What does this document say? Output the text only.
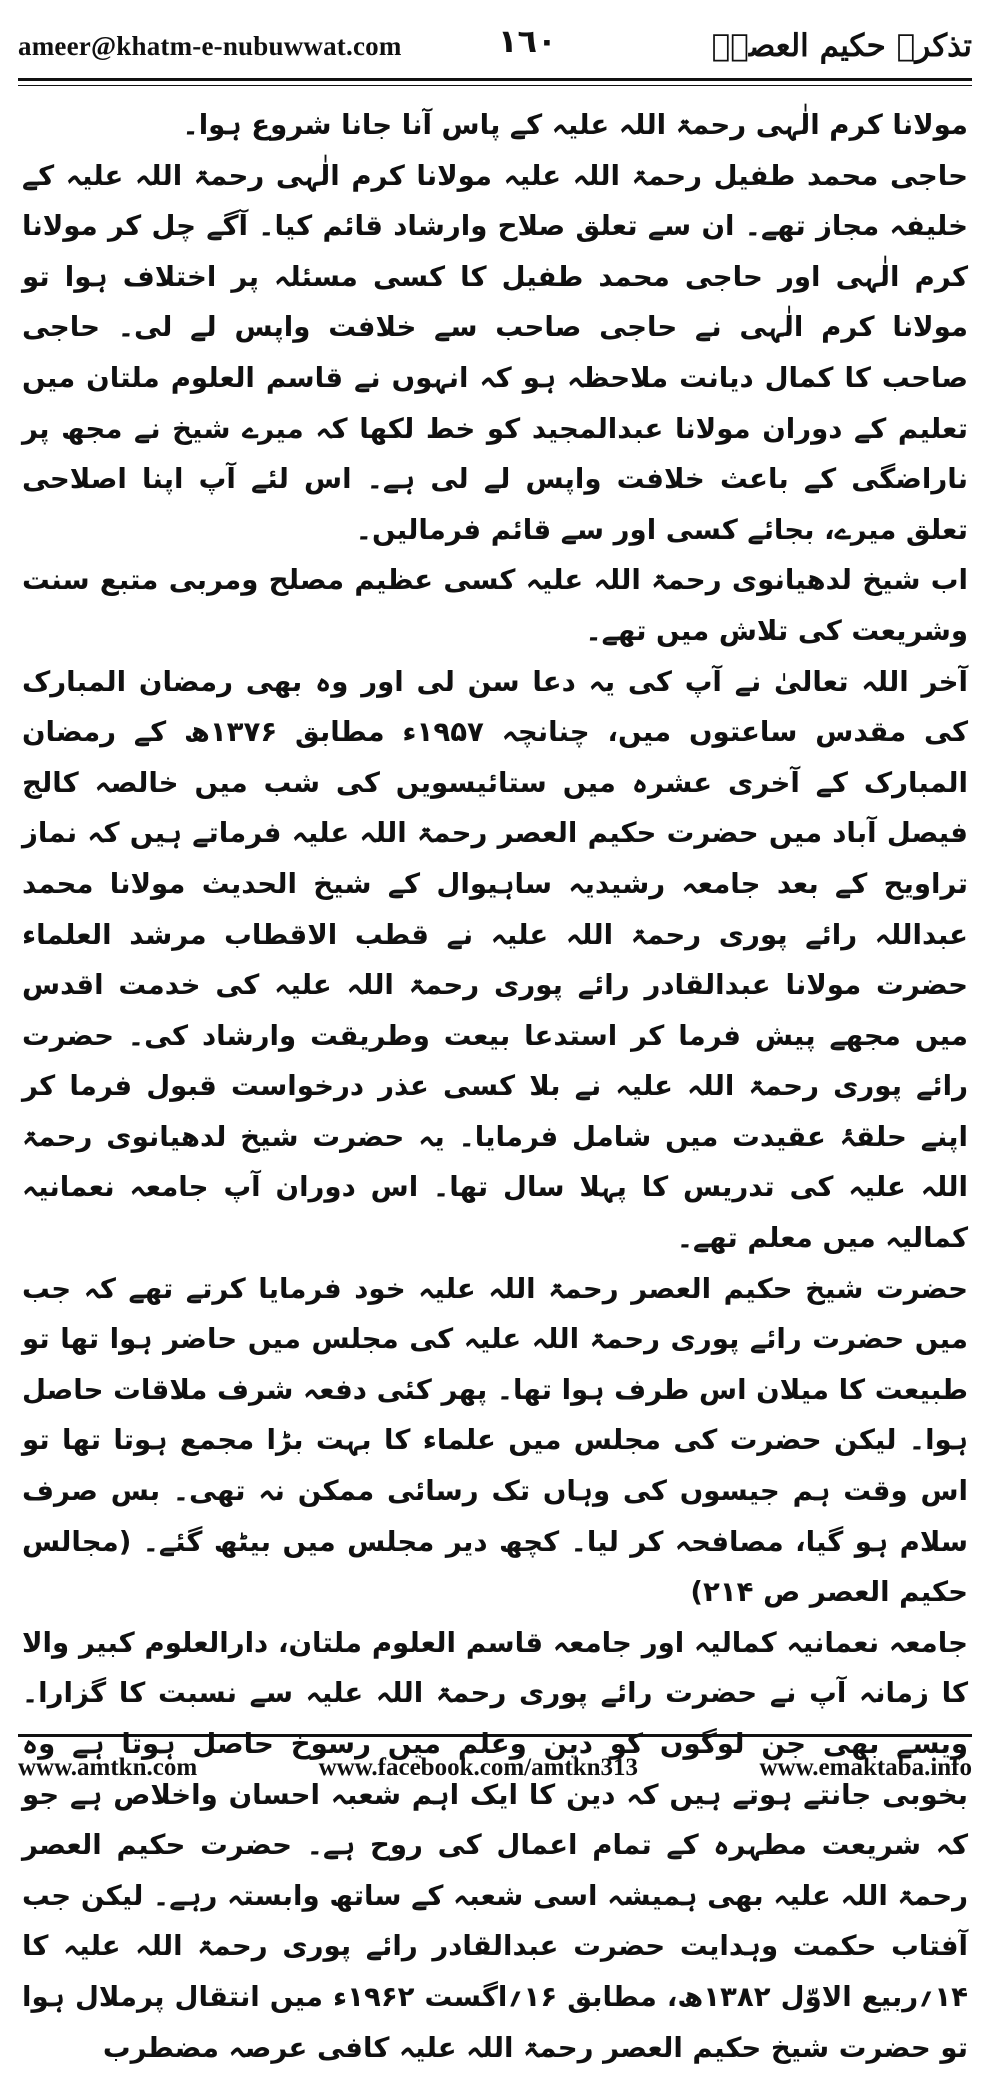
ameer@khatm-e-nubuwwat.com	١٦٠	تذکرہ حکیم العصرؒ

مولانا کرم الٰہی رحمۃ اللہ علیہ کے پاس آنا جانا شروع ہوا۔

حاجی محمد طفیل رحمۃ اللہ علیہ مولانا کرم الٰہی رحمۃ اللہ علیہ کے خلیفہ مجاز تھے۔ ان سے تعلق صلاح وارشاد قائم کیا۔ آگے چل کر مولانا کرم الٰہی اور حاجی محمد طفیل کا کسی مسئلہ پر اختلاف ہوا تو مولانا کرم الٰہی نے حاجی صاحب سے خلافت واپس لے لی۔ حاجی صاحب کا کمال دیانت ملاحظہ ہو کہ انہوں نے قاسم العلوم ملتان میں تعلیم کے دوران مولانا عبدالمجید کو خط لکھا کہ میرے شیخ نے مجھ پر ناراضگی کے باعث خلافت واپس لے لی ہے۔ اس لئے آپ اپنا اصلاحی تعلق میرے، بجائے کسی اور سے قائم فرمالیں۔

اب شیخ لدھیانوی رحمۃ اللہ علیہ کسی عظیم مصلح ومربی متبع سنت وشریعت کی تلاش میں تھے۔

آخر اللہ تعالیٰ نے آپ کی یہ دعا سن لی اور وہ بھی رمضان المبارک کی مقدس ساعتوں میں، چنانچہ ۱۹۵۷ء مطابق ۱۳۷۶ھ کے رمضان المبارک کے آخری عشرہ میں ستائیسویں کی شب میں خالصہ کالج فیصل آباد میں حضرت حکیم العصر رحمۃ اللہ علیہ فرماتے ہیں کہ نماز تراویح کے بعد جامعہ رشیدیہ ساہیوال کے شیخ الحدیث مولانا محمد عبداللہ رائے پوری رحمۃ اللہ علیہ نے قطب الاقطاب مرشد العلماء حضرت مولانا عبدالقادر رائے پوری رحمۃ اللہ علیہ کی خدمت اقدس میں مجھے پیش فرما کر استدعا بیعت وطریقت وارشاد کی۔ حضرت رائے پوری رحمۃ اللہ علیہ نے بلا کسی عذر درخواست قبول فرما کر اپنے حلقۂ عقیدت میں شامل فرمایا۔ یہ حضرت شیخ لدھیانوی رحمۃ اللہ علیہ کی تدریس کا پہلا سال تھا۔ اس دوران آپ جامعہ نعمانیہ کمالیہ میں معلم تھے۔

حضرت شیخ حکیم العصر رحمۃ اللہ علیہ خود فرمایا کرتے تھے کہ جب میں حضرت رائے پوری رحمۃ اللہ علیہ کی مجلس میں حاضر ہوا تھا تو طبیعت کا میلان اس طرف ہوا تھا۔ پھر کئی دفعہ شرف ملاقات حاصل ہوا۔ لیکن حضرت کی مجلس میں علماء کا بہت بڑا مجمع ہوتا تھا تو اس وقت ہم جیسوں کی وہاں تک رسائی ممکن نہ تھی۔ بس صرف سلام ہو گیا، مصافحہ کر لیا۔ کچھ دیر مجلس میں بیٹھ گئے۔ (مجالس حکیم العصر ص ۲۱۴)

جامعہ نعمانیہ کمالیہ اور جامعہ قاسم العلوم ملتان، دارالعلوم کبیر والا کا زمانہ آپ نے حضرت رائے پوری رحمۃ اللہ علیہ سے نسبت کا گزارا۔ ویسے بھی جن لوگوں کو دین وعلم میں رسوخ حاصل ہوتا ہے وہ بخوبی جانتے ہوتے ہیں کہ دین کا ایک اہم شعبہ احسان واخلاص ہے جو کہ شریعت مطہرہ کے تمام اعمال کی روح ہے۔ حضرت حکیم العصر رحمۃ اللہ علیہ بھی ہمیشہ اسی شعبہ کے ساتھ وابستہ رہے۔ لیکن جب آفتاب حکمت وہدایت حضرت عبدالقادر رائے پوری رحمۃ اللہ علیہ کا ۱۴؍ربیع الاوّل ۱۳۸۲ھ، مطابق ۱۶؍اگست ۱۹۶۲ء میں انتقال پرملال ہوا تو حضرت شیخ حکیم العصر رحمۃ اللہ علیہ کافی عرصہ مضطرب

www.amtkn.com	www.facebook.com/amtkn313	www.emaktaba.info
